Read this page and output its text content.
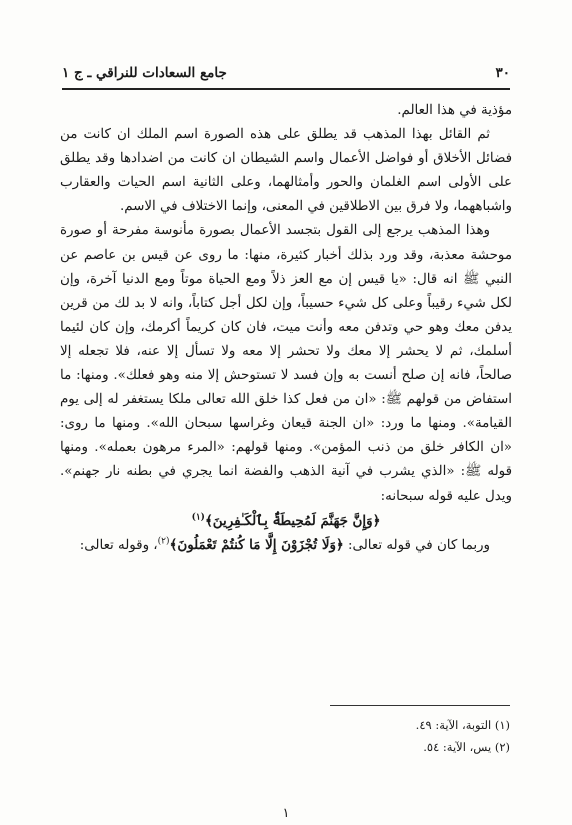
٣٠
جامع السعادات للنراقي ـ ج ١

مؤذية في هذا العالم.

ثم القائل بهذا المذهب قد يطلق على هذه الصورة اسم الملك ان كانت من فضائل الأخلاق أو فواضل الأعمال واسم الشيطان ان كانت من اضدادها وقد يطلق على الأولى اسم الغلمان والحور وأمثالهما، وعلى الثانية اسم الحيات والعقارب واشباههما، ولا فرق بين الاطلاقين في المعنى، وإنما الاختلاف في الاسم.

وهذا المذهب يرجع إلى القول بتجسد الأعمال بصورة مأنوسة مفرحة أو صورة موحشة معذبة، وقد ورد بذلك أخبار كثيرة، منها: ما روى عن قيس بن عاصم عن النبي ﷺ انه قال: «يا قيس إن مع العز ذلاً ومع الحياة موتاً ومع الدنيا آخرة، وإن لكل شيء رقيباً وعلى كل شيء حسيباً، وإن لكل أجل كتاباً، وانه لا بد لك من قرين يدفن معك وهو حي وتدفن معه وأنت ميت، فان كان كريماً أكرمك، وإن كان لئيما أسلمك، ثم لا يحشر إلا معك ولا تحشر إلا معه ولا تسأل إلا عنه، فلا تجعله إلا صالحاً، فانه إن صلح أنست به وإن فسد لا تستوحش إلا منه وهو فعلك». ومنها: ما استفاض من قولهم ﷺ: «ان من فعل كذا خلق الله تعالى ملكا يستغفر له إلى يوم القيامة». ومنها ما ورد: «ان الجنة قيعان وغراسها سبحان الله». ومنها ما روى: «ان الكافر خلق من ذنب المؤمن». ومنها قولهم: «المرء مرهون بعمله». ومنها قوله ﷺ: «الذي يشرب في آنية الذهب والفضة انما يجري في بطنه نار جهنم». ويدل عليه قوله سبحانه:

﴿وَإِنَّ جَهَنَّمَ لَمُحِيطَةٌۢ بِٱلْكَـٰفِرِينَ﴾$^{(١)}$

وربما كان في قوله تعالى: ﴿وَلَا تُجْزَوْنَ إِلَّا مَا كُنتُمْ تَعْمَلُونَ﴾$^{(٢)}$، وقوله تعالى:

(١) التوبة، الآية: ٤٩.
(٢) يس، الآية: ٥٤.
١
